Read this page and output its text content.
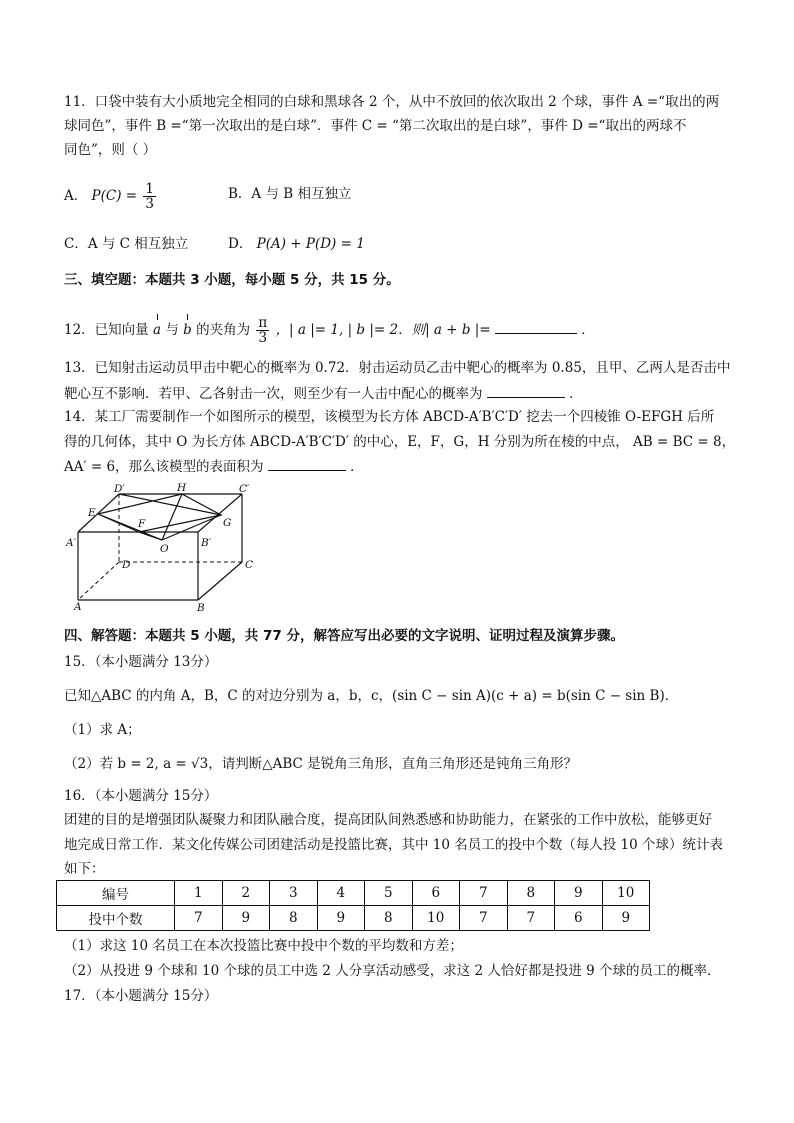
11．口袋中装有大小质地完全相同的白球和黑球各 2 个，从中不放回的依次取出 2 个球，事件 A =“取出的两
球同色”，事件 B =“第一次取出的是白球”．事件 C = “第二次取出的是白球”，事件 D =“取出的两球不
同色”，则（ ）
A． $P(C) = \frac{1}{3}$	B．A 与 B 相互独立
C．A 与 C 相互独立	D． P(A) + P(D) = 1
三、填空题：本题共 3 小题，每小题 5 分，共 15 分。
12．已知向量 a 与 b 的夹角为 $\frac{\pi}{3}$ ，| a |= 1, | b |= 2．则| a + b |=	．
13．已知射击运动员甲击中靶心的概率为 0.72．射击运动员乙击中靶心的概率为 0.85，且甲、乙两人是否击中
靶心互不影响．若甲、乙各射击一次，则至少有一人击中配心的概率为	．
14．某工厂需要制作一个如图所示的模型，该模型为长方体 ABCD-A′B′C′D′ 挖去一个四棱锥 O-EFGH 后所
得的几何体，其中 O 为长方体 ABCD-A′B′C′D′ 的中心，E，F，G，H 分别为所在棱的中点， AB = BC = 8，
AA′ = 6，那么该模型的表面积为	．
D′	H	C′
E
G
F
A′	O	B′
D	C
A	B
四、解答题：本题共 5 小题，共 77 分，解答应写出必要的文字说明、证明过程及演算步骤。
15．（本小题满分 13分）
已知△ABC 的内角 A，B，C 的对边分别为 a，b，c，(sin C − sin A)(c + a) = b(sin C − sin B)．
（1）求 A；
（2）若 b = 2, a = √3，请判断△ABC 是锐角三角形，直角三角形还是钝角三角形？
16．（本小题满分 15分）
团建的目的是增强团队凝聚力和团队融合度，提高团队间熟悉感和协助能力，在紧张的工作中放松，能够更好
地完成日常工作．某文化传媒公司团建活动是投篮比赛，其中 10 名员工的投中个数（每人投 10 个球）统计表
如下：
编号	1	2	3	4	5	6	7	8	9	10
投中个数	7	9	8	9	8	10	7	7	6	9
（1）求这 10 名员工在本次投篮比赛中投中个数的平均数和方差；
（2）从投进 9 个球和 10 个球的员工中选 2 人分享活动感受，求这 2 人恰好都是投进 9 个球的员工的概率．
17．（本小题满分 15分）
